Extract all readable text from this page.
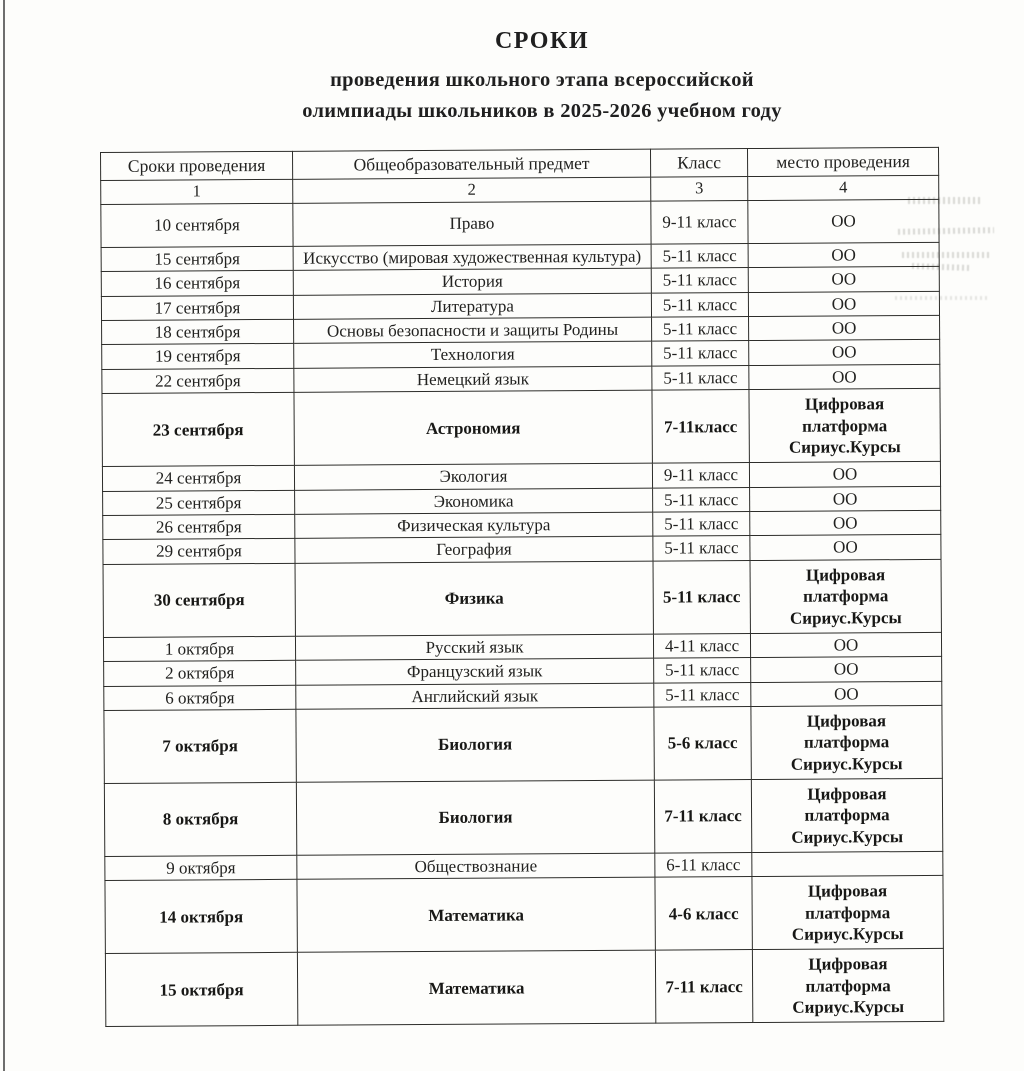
СРОКИ
проведения школьного этапа всероссийской
олимпиады школьников в 2025-2026 учебном году
Сроки проведения	Общеобразовательный предмет	Класс	место проведения
1	2	3	4
10 сентября	Право	9-11 класс	ОО
15 сентября	Искусство (мировая художественная культура)	5-11 класс	ОО
16 сентября	История	5-11 класс	ОО
17 сентября	Литература	5-11 класс	ОО
18 сентября	Основы безопасности и защиты Родины	5-11 класс	ОО
19 сентября	Технология	5-11 класс	ОО
22 сентября	Немецкий язык	5-11 класс	ОО
23 сентября	Астрономия	7-11класс	Цифровая платформа Сириус.Курсы
24 сентября	Экология	9-11 класс	ОО
25 сентября	Экономика	5-11 класс	ОО
26 сентября	Физическая культура	5-11 класс	ОО
29 сентября	География	5-11 класс	ОО
30 сентября	Физика	5-11 класс	Цифровая платформа Сириус.Курсы
1 октября	Русский язык	4-11 класс	ОО
2 октября	Французский язык	5-11 класс	ОО
6 октября	Английский язык	5-11 класс	ОО
7 октября	Биология	5-6 класс	Цифровая платформа Сириус.Курсы
8 октября	Биология	7-11 класс	Цифровая платформа Сириус.Курсы
9 октября	Обществознание	6-11 класс	
14 октября	Математика	4-6 класс	Цифровая платформа Сириус.Курсы
15 октября	Математика	7-11 класс	Цифровая платформа Сириус.Курсы
